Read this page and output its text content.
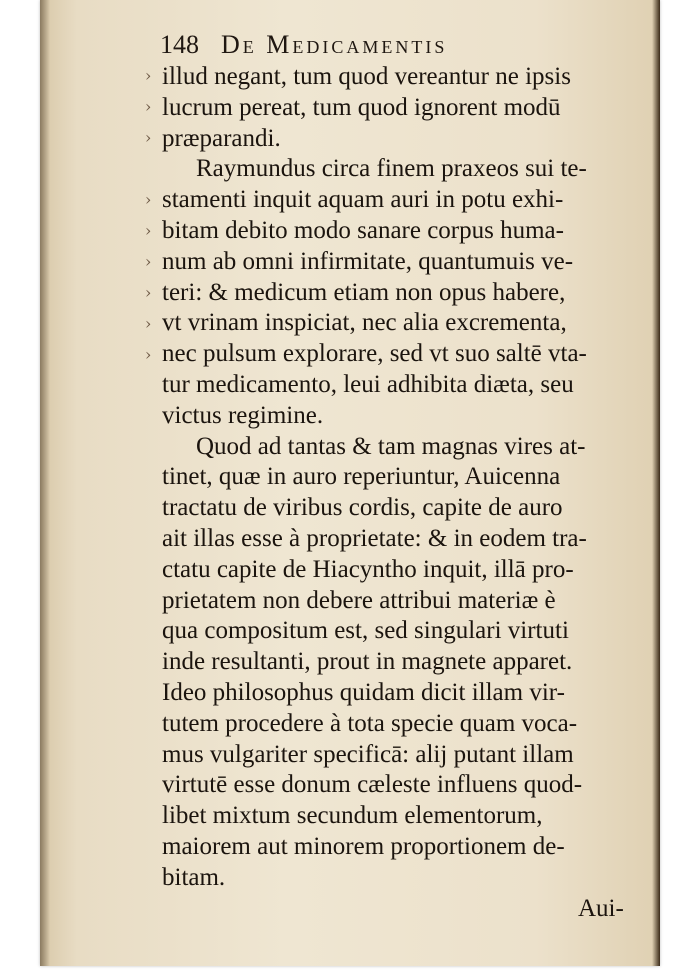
148 De Medicamentis
illud negant, tum quod vereantur ne ipsis
lucrum pereat, tum quod ignorent modū
præparandi.
Raymundus circa finem praxeos sui te-
stamenti inquit aquam auri in potu exhi-
bitam debito modo sanare corpus huma-
num ab omni infirmitate, quantumuis ve-
teri: & medicum etiam non opus habere,
vt vrinam inspiciat, nec alia excrementa,
nec pulsum explorare, sed vt suo saltē vta-
tur medicamento, leui adhibita diæta, seu
victus regimine.
Quod ad tantas & tam magnas vires at-
tinet, quæ in auro reperiuntur, Auicenna
tractatu de viribus cordis, capite de auro
ait illas esse à proprietate: & in eodem tra-
ctatu capite de Hiacyntho inquit, illā pro-
prietatem non debere attribui materiæ è
qua compositum est, sed singulari virtuti
inde resultanti, prout in magnete apparet.
Ideo philosophus quidam dicit illam vir-
tutem procedere à tota specie quam voca-
mus vulgariter specificā: alij putant illam
virtutē esse donum cæleste influens quod-
libet mixtum secundum elementorum,
maiorem aut minorem proportionem de-
bitam.
›
›
›
›
›
›
›
›
›
Aui-
